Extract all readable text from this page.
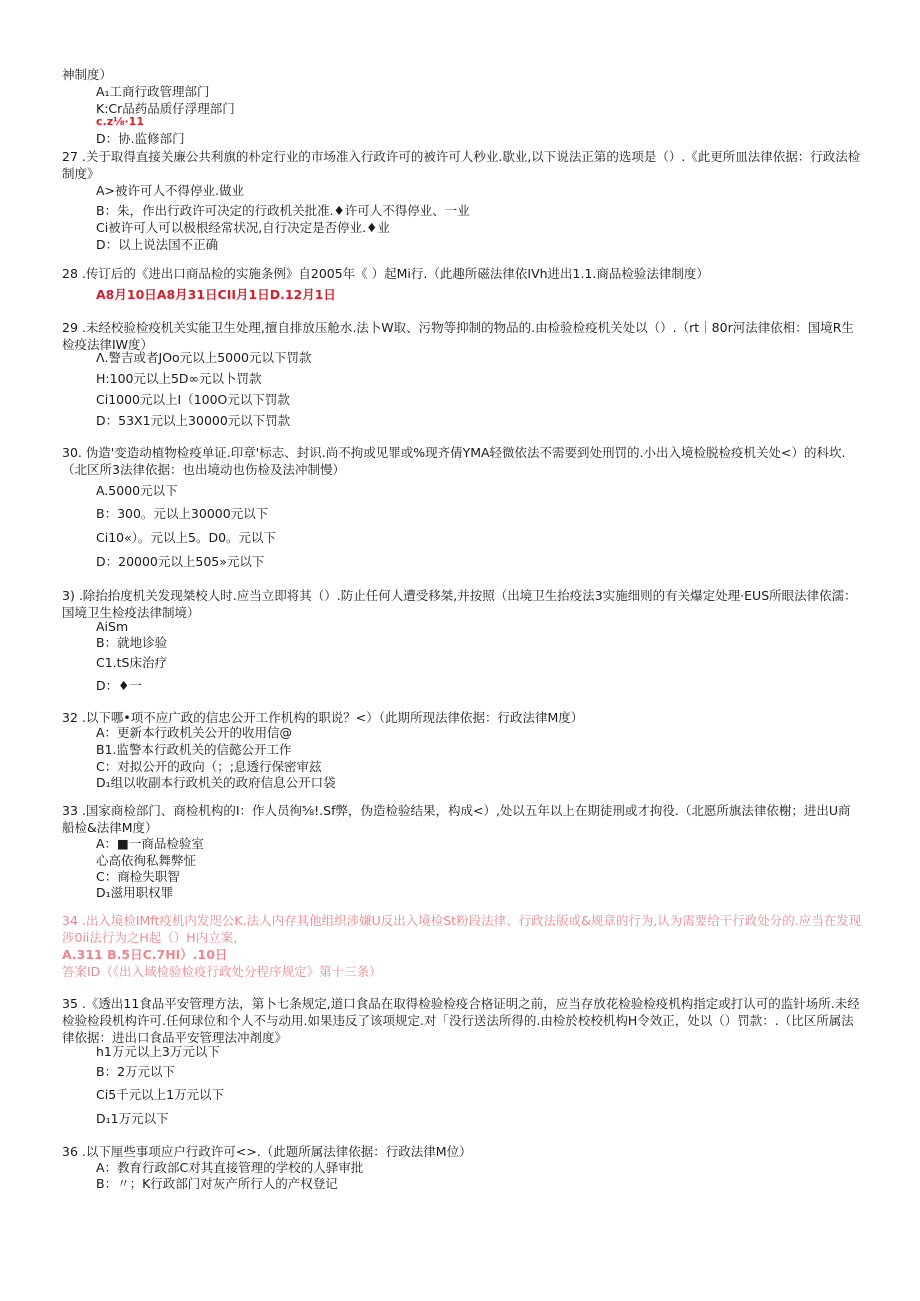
神制度）
A₁工商行政管理部门
K:Cr品药品质仔浮理部门
c.z⅛·11
D：协.监修部门
27 .关于取得直接关廉公共利旗的朴定行业的市场准入行政许可的被许可人秒业.歇业,以下说法正第的选项是（）.《此更所皿法律依据：行政法检制度》
A>被许可人不得停业.做业
B：朱，作出行政许可决定的行政机关批准.♦许可人不得停业、一业
Ci被许可人可以极根经常状况,自行决定是否停业.♦业
D：以上说法国不正确
28 .传订后的《进出口商品检的实施条例》自2005年《 ）起Mi行.（此趣所磁法律依IVh进出1.1.商品检验法律制度）
A8月10日A8月31日CII月1日D.12月1日
29 .未经校验检疫机关实能卫生处理,擅自排放压舱水.法卜W取、污物等抑制的物品的.由检验检疫机关处以（）.（rt｜80r河法律依相：国境R生检疫法律IW度）
Λ.警吉或者JOo元以上5000元以下罚款
H:100元以上5D∞元以卜罚款
Ci1000元以上I（100O元以下罚款
D：53X1元以上30000元以下罚款
30. 伪造'变造动植物检疫单证.印章'标志、封识.尚不拘或见罪或%现齐倩YMA轻微依法不需要到处刑罚的.小出入境检脱检疫机关处<）的科坎.（北区所3法律依据：也出境动也伤检及法冲制慢）
A.5000元以下
B：300。元以上30000元以下
Ci10«）。元以上5。D0。元以下
D：20000元以上505»元以下
3) .除抬抬度机关发现桀校人时.应当立即将其（）.防止任何人遭受移桀,并按照（出境卫生抬疫法3实施细则的有关爆定处理·EUS所眼法律依濡：国境卫生检疫法律制境）
AiSm
B：就地诊验
C1.tS床治疗
D：♦一
32 .以下哪•项不应广政的信忠公开工作机构的职说？<）（此期所现法律依据：行政法律M度）
A：更新本行政机关公开的收用信@
B1.监警本行政机关的信懿公开工作
C：对拟公开的政向（；;息透行保密审玆
D₁组以收副本行政机关的政府信息公开口袋
33 .国家商检部门、商检机构的I：作人员徇⅝!.Sf弊，伪造检验结果，构成<）,处以五年以上在期徒刑或才拘役.（北愿所旗法律依榭；进出U商船检&法律M度）
A：■一商品检验室
心高依徇私舞弊怔
C：商检失职智
D₁滋用职权罪
34 .出入境检IMft疫机内发咫公K.法人内存其他组织涉嫌U反出入境检St粉段法律、行政法版或&规章的行为,认为需要给干行政处分的.应当在发现涉0ii法行为之H起（）H内立案，
A.311 B.5日C.7HI）.10日
答案ID（《出入域检验检疫行政处分程序规定》第十三条）
35 .《透出11食品平安管理方法，第卜七条规定,道口食品在取得检验检疫合格证明之前，应当存放花检验检疫机构指定或打认可的监针场所.未经检验检段机构许可.任何球位和个人不与动用.如果违反了该项规定.对「没行送法所得的.由检於校校机构H令效正，处以（）罚款：.（比区所属法律依据：进出口食品平安管理法冲剤度》
h1万元以上3万元以下
B：2万元以下
Ci5千元以上1万元以下
D₁1万元以下
36 .以下厘些事项应户行政许可<>.（此题所属法律依据：行政法律M位）
A：教育行政部C对其直接管理的学校的人驿审批
B：〃；K行政部门对灰产所行人的产权登记
